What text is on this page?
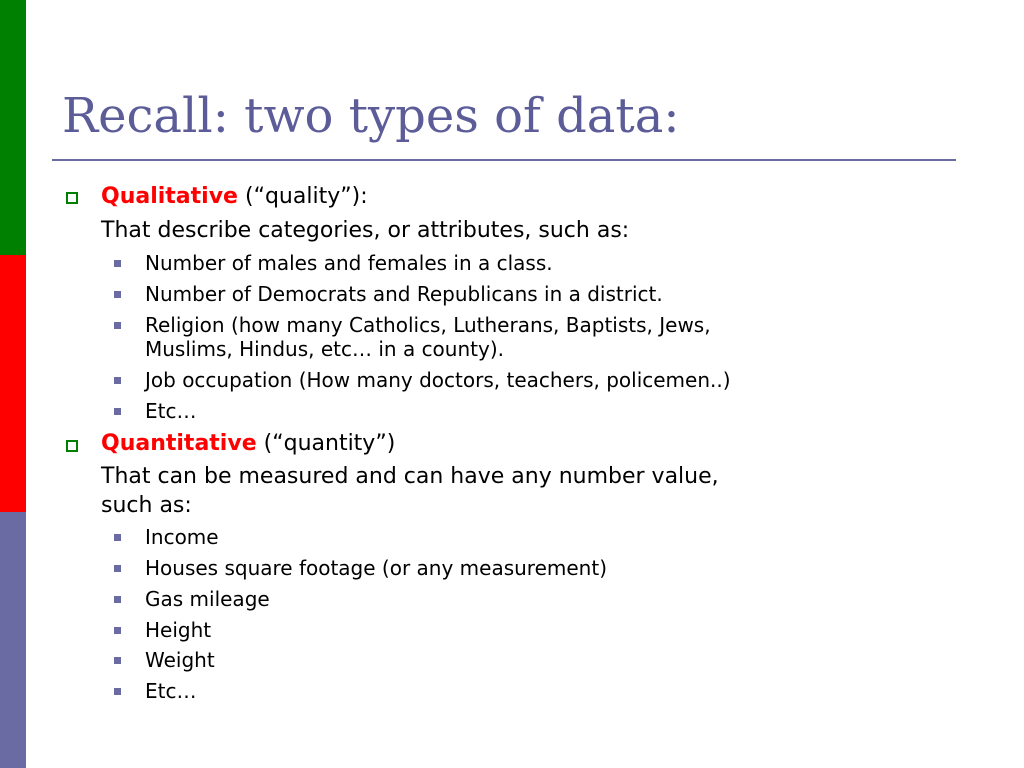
Recall: two types of data:
Qualitative (“quality”):
That describe categories, or attributes, such as:
Number of males and females in a class.
Number of Democrats and Republicans in a district.
Religion (how many Catholics, Lutherans, Baptists, Jews,
Muslims, Hindus, etc… in a county).
Job occupation (How many doctors, teachers, policemen..)
Etc…
Quantitative (“quantity”)
That can be measured and can have any number value,
such as:
Income
Houses square footage (or any measurement)
Gas mileage
Height
Weight
Etc…
